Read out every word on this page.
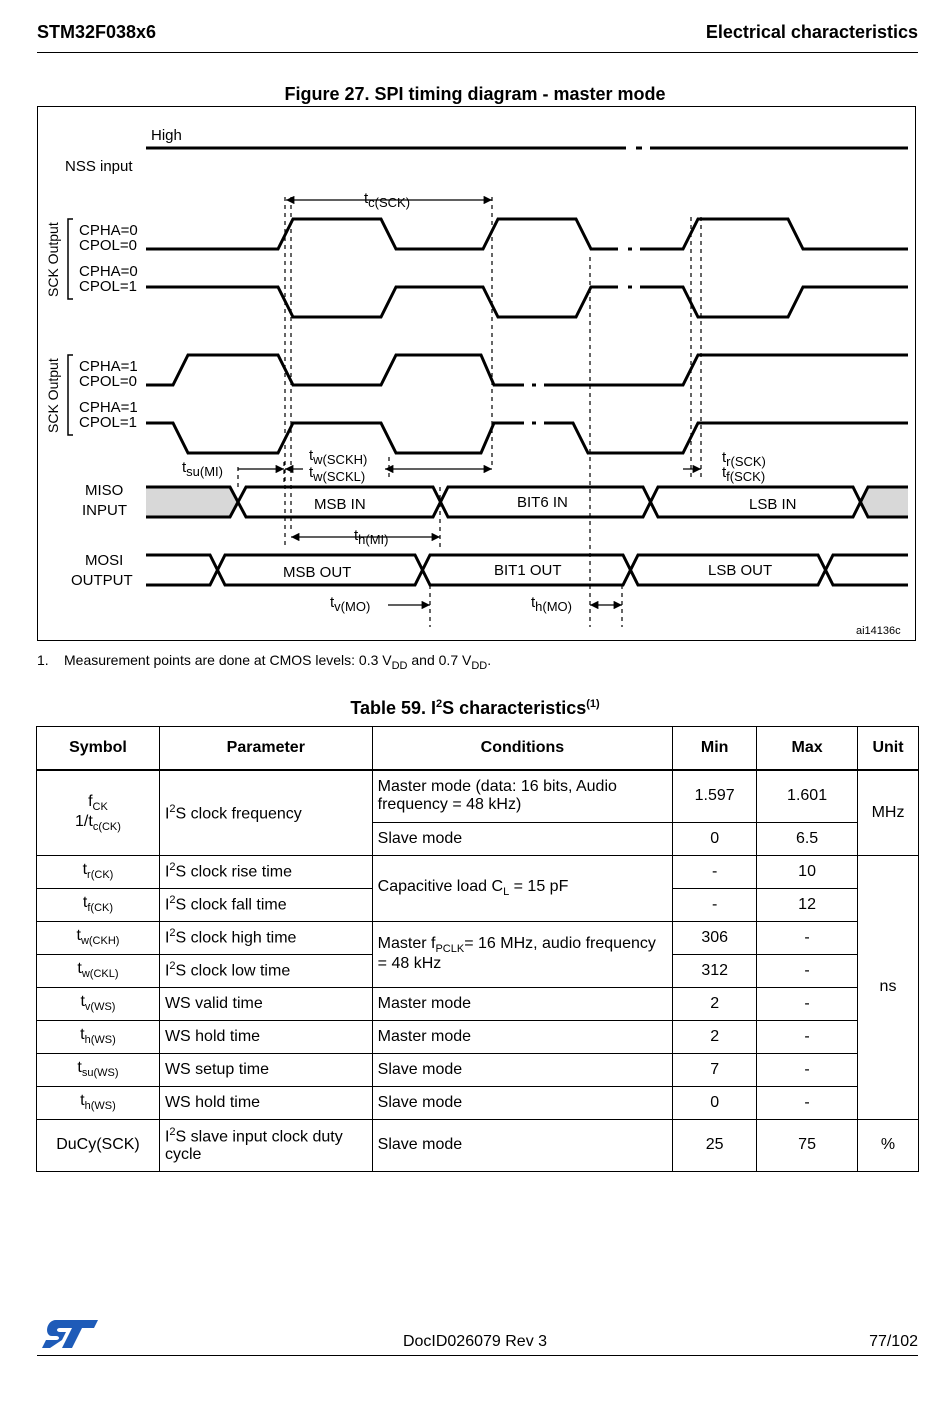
STM32F038x6	Electrical characteristics
Figure 27. SPI timing diagram - master mode
High
NSS input
SCK Output
SCK Output
CPHA=0
CPOL=0
CPHA=0
CPOL=1
CPHA=1
CPOL=0
CPHA=1
CPOL=1
MISO
INPUT
MOSI
OUTPUT
MSB IN	BIT6 IN	LSB IN
MSB OUT	BIT1 OUT	LSB OUT
tc(SCK)
tsu(MI)
tw(SCKH)
tw(SCKL)
tr(SCK)
tf(SCK)
th(MI)
tv(MO)	th(MO)
ai14136c
1. Measurement points are done at CMOS levels: 0.3 $V_{DD}$ and 0.7 $V_{DD}$.
Table 59. $I^2S$ characteristics$^{(1)}$
Symbol	Parameter	Conditions	Min	Max	Unit
$f_{CK}$
$1/t_{c(CK)}$	$I^2S$ clock frequency	Master mode (data: 16 bits, Audio frequency = 48 kHz)	1.597	1.601	MHz
		Slave mode	0	6.5	
$t_{r(CK)}$	$I^2S$ clock rise time	Capacitive load $C_L = 15$ pF	-	10	ns
$t_{f(CK)}$	$I^2S$ clock fall time		-	12	
$t_{w(CKH)}$	$I^2S$ clock high time	Master $f_{PCLK}= 16$ MHz, audio frequency = 48 kHz	306	-	
$t_{w(CKL)}$	$I^2S$ clock low time		312	-	
$t_{v(WS)}$	WS valid time	Master mode	2	-	
$t_{h(WS)}$	WS hold time	Master mode	2	-	
$t_{su(WS)}$	WS setup time	Slave mode	7	-	
$t_{h(WS)}$	WS hold time	Slave mode	0	-	
DuCy(SCK)	$I^2S$ slave input clock duty cycle	Slave mode	25	75	%
DocID026079 Rev 3	77/102
